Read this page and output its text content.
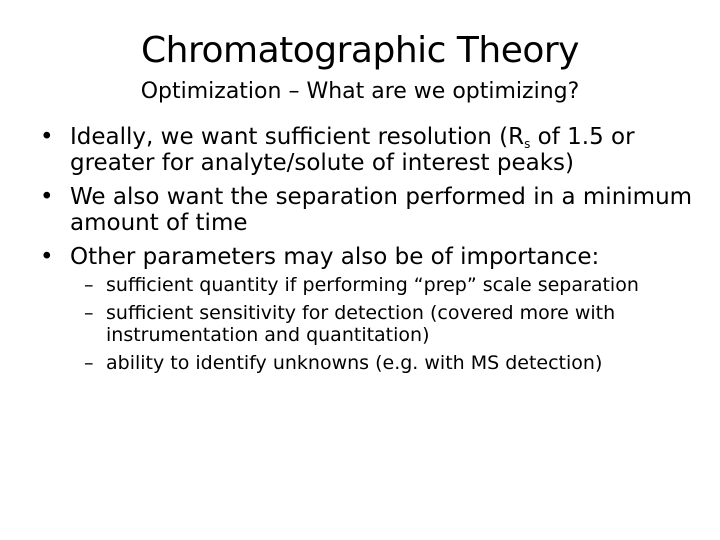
Chromatographic Theory
Optimization – What are we optimizing?
• Ideally, we want sufficient resolution ($R_s$ of 1.5 or greater for analyte/solute of interest peaks)
• We also want the separation performed in a minimum amount of time
• Other parameters may also be of importance:
– sufficient quantity if performing “prep” scale separation
– sufficient sensitivity for detection (covered more with instrumentation and quantitation)
– ability to identify unknowns (e.g. with MS detection)
